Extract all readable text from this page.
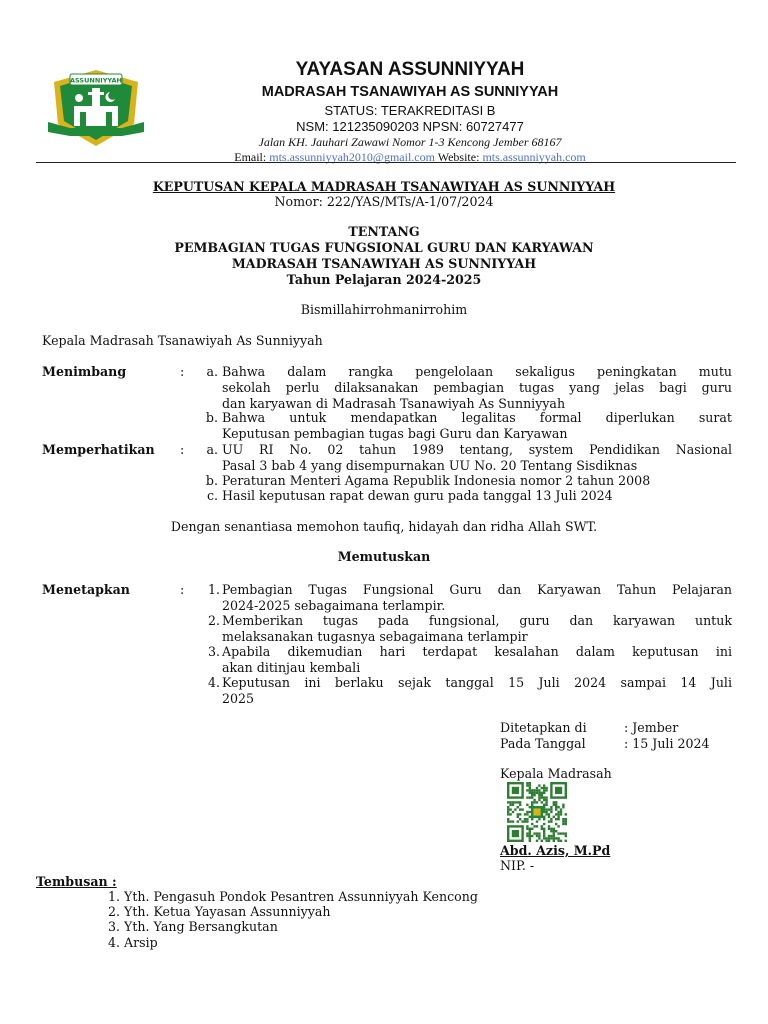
ASSUNNIYYAH
YAYASAN ASSUNNIYYAH
MADRASAH TSANAWIYAH AS SUNNIYYAH
STATUS: TERAKREDITASI B
NSM: 121235090203 NPSN: 60727477
Jalan KH. Jauhari Zawawi Nomor 1-3 Kencong Jember 68167
Email: mts.assunniyyah2010@gmail.com Website: mts.assunniyyah.com
KEPUTUSAN KEPALA MADRASAH TSANAWIYAH AS SUNNIYYAH
Nomor: 222/YAS/MTs/A-1/07/2024
TENTANG
PEMBAGIAN TUGAS FUNGSIONAL GURU DAN KARYAWAN
MADRASAH TSANAWIYAH AS SUNNIYYAH
Tahun Pelajaran 2024-2025
Bismillahirrohmanirrohim
Kepala Madrasah Tsanawiyah As Sunniyyah
Menimbang	:	a. Bahwa dalam rangka pengelolaan sekaligus peningkatan mutu
sekolah perlu dilaksanakan pembagian tugas yang jelas bagi guru
dan karyawan di Madrasah Tsanawiyah As Sunniyyah
b. Bahwa untuk mendapatkan legalitas formal diperlukan surat
Keputusan pembagian tugas bagi Guru dan Karyawan
Memperhatikan :	a. UU RI No. 02 tahun 1989 tentang, system Pendidikan Nasional
Pasal 3 bab 4 yang disempurnakan UU No. 20 Tentang Sisdiknas
b. Peraturan Menteri Agama Republik Indonesia nomor 2 tahun 2008
c. Hasil keputusan rapat dewan guru pada tanggal 13 Juli 2024
Dengan senantiasa memohon taufiq, hidayah dan ridha Allah SWT.
Memutuskan
Menetapkan	:	1. Pembagian Tugas Fungsional Guru dan Karyawan Tahun Pelajaran
2024-2025 sebagaimana terlampir.
2. Memberikan tugas pada fungsional, guru dan karyawan untuk
melaksanakan tugasnya sebagaimana terlampir
3. Apabila dikemudian hari terdapat kesalahan dalam keputusan ini
akan ditinjau kembali
4. Keputusan ini berlaku sejak tanggal 15 Juli 2024 sampai 14 Juli
2025
Ditetapkan di	: Jember
Pada Tanggal	: 15 Juli 2024
Kepala Madrasah
Abd. Azis, M.Pd
NIP. -
Tembusan :
1. Yth. Pengasuh Pondok Pesantren Assunniyyah Kencong
2. Yth. Ketua Yayasan Assunniyyah
3. Yth. Yang Bersangkutan
4. Arsip
